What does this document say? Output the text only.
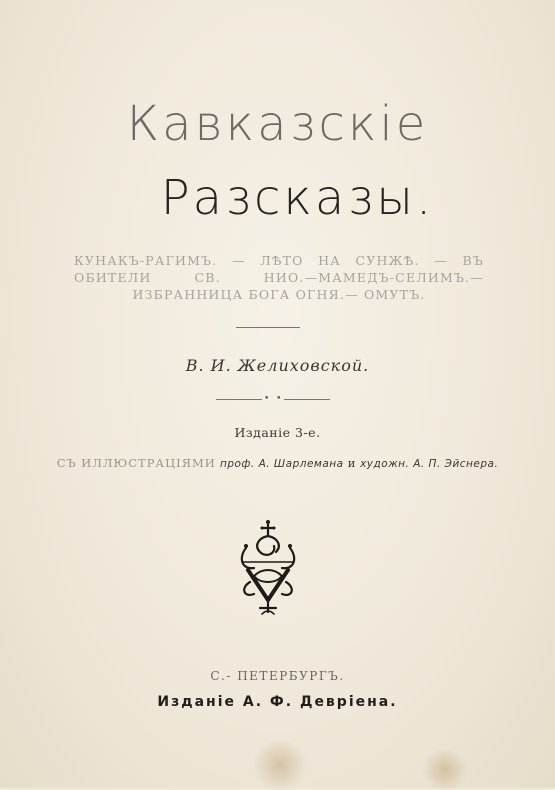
Кавказскіе
Разсказы.
КУНАКЪ-РАГИМЪ. — ЛѢТО НА СУНЖѢ. — ВЪ ОБИТЕЛИ СВ. НИО.—МАМЕДЪ-СЕЛИМЪ.—ИЗБРАННИЦА БОГА ОГНЯ.— ОМУТЪ.
В. И. Желиховской.
• •
Изданіе 3-е.
СЪ ИЛЛЮСТРАЦІЯМИ проф. А. Шарлемана и художн. А. П. Эйснера.
С.- ПЕТЕРБУРГЪ.
Изданіе А. Ф. Девріена.
